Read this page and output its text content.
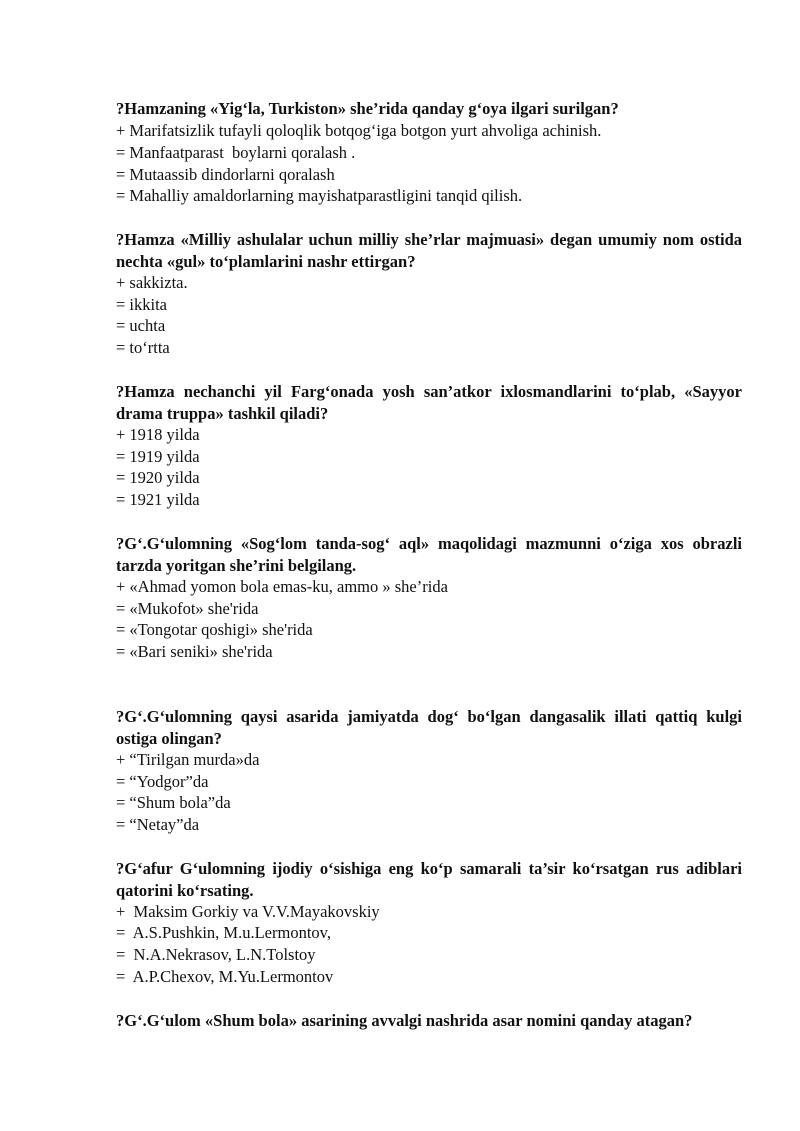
?Hamzaning «Yig‘la, Turkiston» she’rida qanday g‘oya ilgari surilgan?
+ Marifatsizlik tufayli qoloqlik botqog‘iga botgon yurt ahvoliga achinish.
= Manfaatparast  boylarni qoralash .
= Mutaassib dindorlarni qoralash
= Mahalliy amaldorlarning mayishatparastligini tanqid qilish.
?Hamza «Milliy ashulalar uchun milliy she’rlar majmuasi» degan umumiy nom ostida nechta «gul» to‘plamlarini nashr ettirgan?
+ sakkizta.
= ikkita
= uchta
= to‘rtta
?Hamza nechanchi yil Farg‘onada yosh san’atkor ixlosmandlarini to‘plab, «Sayyor drama truppa» tashkil qiladi?
+ 1918 yilda
= 1919 yilda
= 1920 yilda
= 1921 yilda
?G‘.G‘ulomning «Sog‘lom tanda-sog‘ aql» maqolidagi mazmunni o‘ziga xos obrazli tarzda yoritgan she’rini belgilang.
+ «Ahmad yomon bola emas-ku, ammo » she’rida
= «Mukofot» she'rida
= «Tongotar qoshigi» she'rida
= «Bari seniki» she'rida
?G‘.G‘ulomning qaysi asarida jamiyatda dog‘ bo‘lgan dangasalik illati qattiq kulgi ostiga olingan?
+ “Tirilgan murda»da
= “Yodgor”da
= “Shum bola”da
= “Netay”da
?G‘afur G‘ulomning ijodiy o‘sishiga eng ko‘p samarali ta’sir ko‘rsatgan rus adiblari qatorini ko‘rsating.
+  Maksim Gorkiy va V.V.Mayakovskiy
=  A.S.Pushkin, M.u.Lermontov,
=  N.A.Nekrasov, L.N.Tolstoy
=  A.P.Chexov, M.Yu.Lermontov
?G‘.G‘ulom «Shum bola» asarining avvalgi nashrida asar nomini qanday atagan?
